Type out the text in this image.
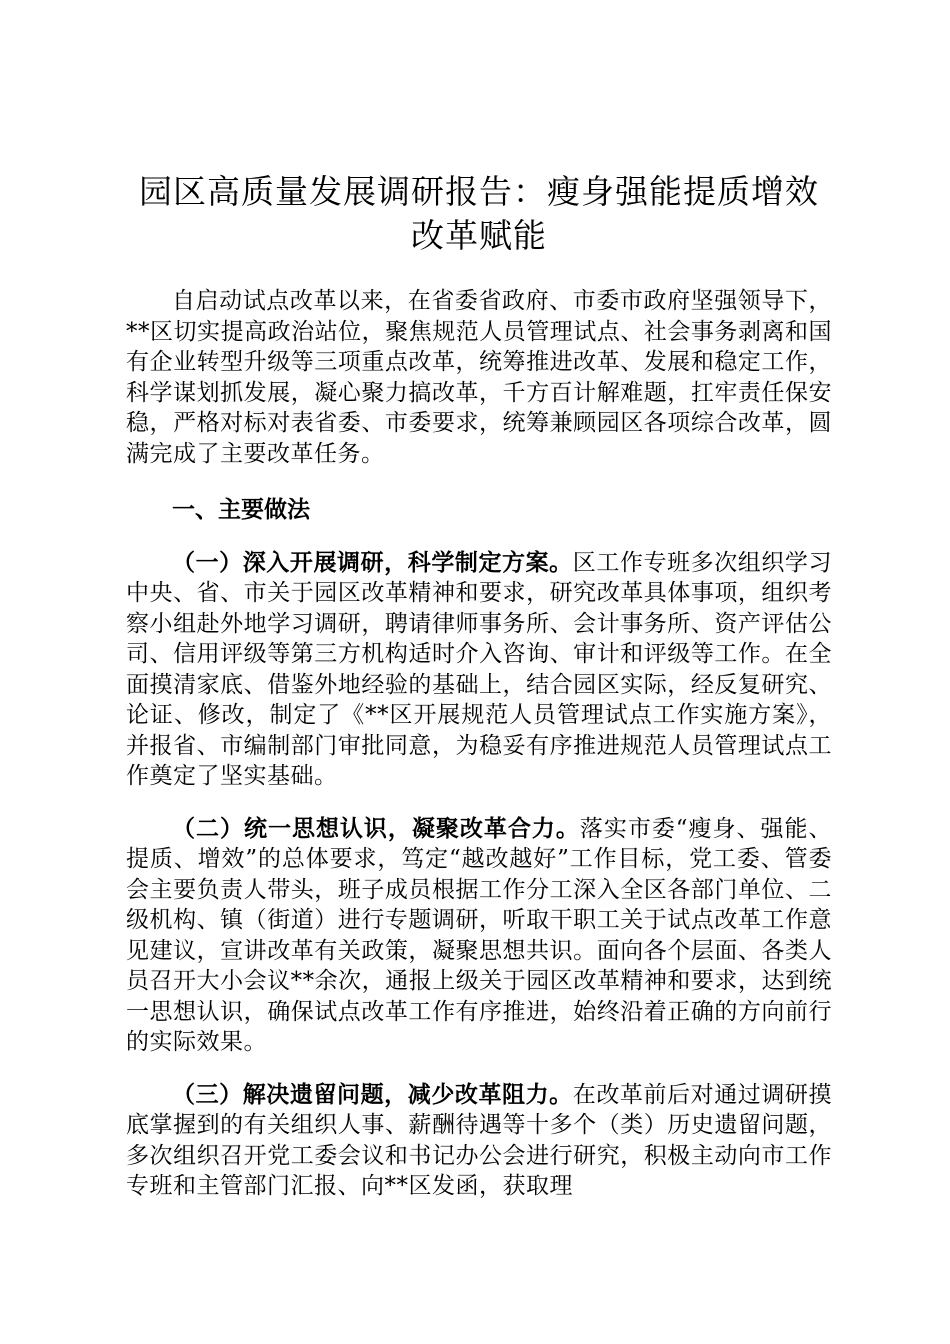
园区高质量发展调研报告：瘦身强能提质增效
改革赋能

自启动试点改革以来，在省委省政府、市委市政府坚强领导下，**区切实提高政治站位，聚焦规范人员管理试点、社会事务剥离和国有企业转型升级等三项重点改革，统筹推进改革、发展和稳定工作，科学谋划抓发展，凝心聚力搞改革，千方百计解难题，扛牢责任保安稳，严格对标对表省委、市委要求，统筹兼顾园区各项综合改革，圆满完成了主要改革任务。

一、主要做法

（一）深入开展调研，科学制定方案。区工作专班多次组织学习中央、省、市关于园区改革精神和要求，研究改革具体事项，组织考察小组赴外地学习调研，聘请律师事务所、会计事务所、资产评估公司、信用评级等第三方机构适时介入咨询、审计和评级等工作。在全面摸清家底、借鉴外地经验的基础上，结合园区实际，经反复研究、论证、修改，制定了《**区开展规范人员管理试点工作实施方案》，并报省、市编制部门审批同意，为稳妥有序推进规范人员管理试点工作奠定了坚实基础。

（二）统一思想认识，凝聚改革合力。落实市委“瘦身、强能、提质、增效”的总体要求，笃定“越改越好”工作目标，党工委、管委会主要负责人带头，班子成员根据工作分工深入全区各部门单位、二级机构、镇（街道）进行专题调研，听取干职工关于试点改革工作意见建议，宣讲改革有关政策，凝聚思想共识。面向各个层面、各类人员召开大小会议**余次，通报上级关于园区改革精神和要求，达到统一思想认识，确保试点改革工作有序推进，始终沿着正确的方向前行的实际效果。

（三）解决遗留问题，减少改革阻力。在改革前后对通过调研摸底掌握到的有关组织人事、薪酬待遇等十多个（类）历史遗留问题，多次组织召开党工委会议和书记办公会进行研究，积极主动向市工作专班和主管部门汇报、向**区发函，获取理
